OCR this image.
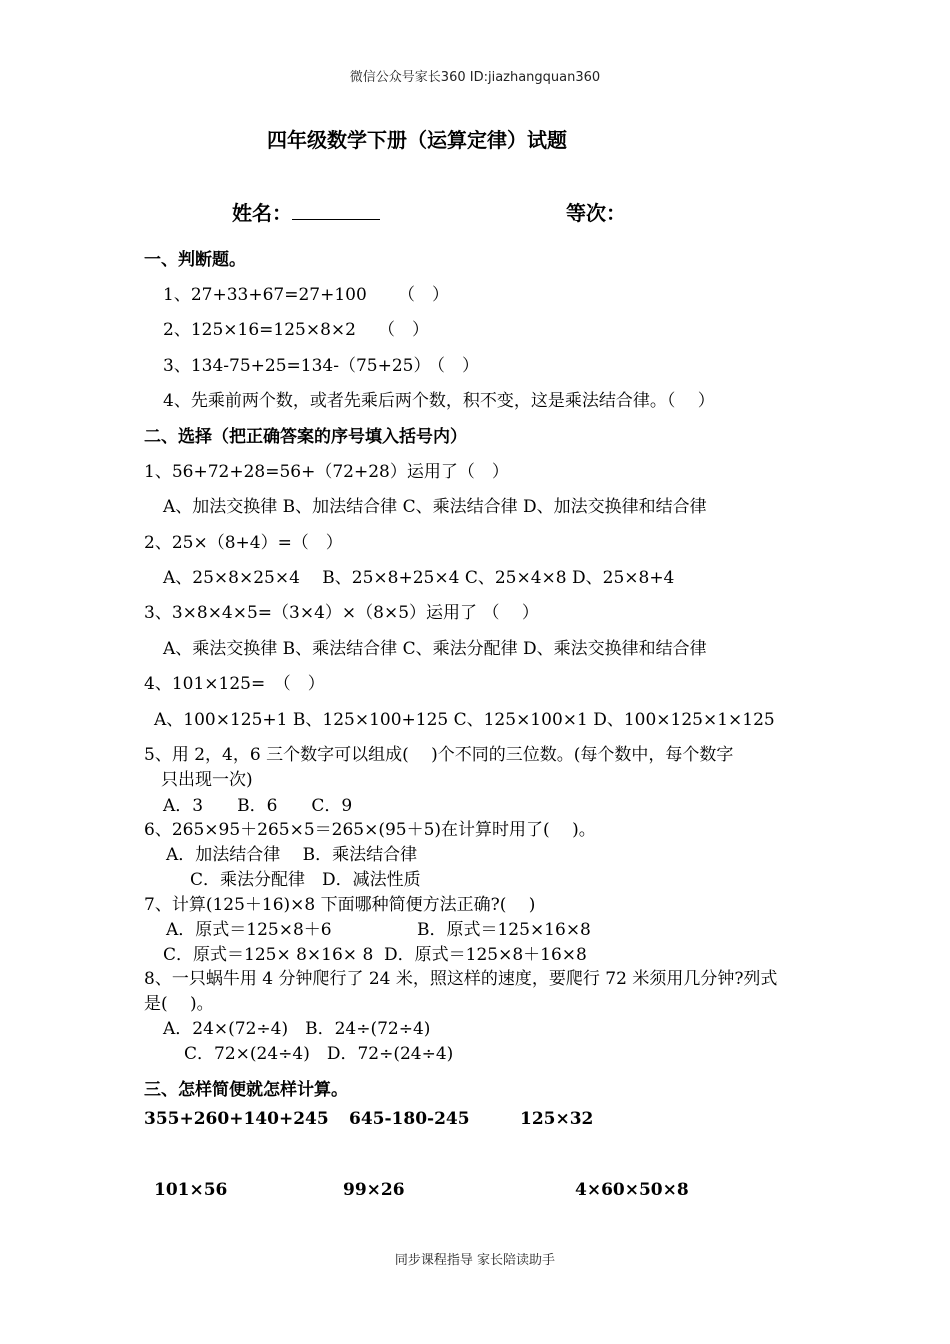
微信公众号家长360 ID:jiazhangquan360
四年级数学下册（运算定律）试题
姓名：	等次：
一、判断题。
1、27+33+67=27+100 （　）
2、125×16=125×8×2 （　）
3、134-75+25=134-（75+25）
（　）
4、先乘前两个数，或者先乘后两个数，积不变，这是乘法结合律。（　 ）
二、选择（把正确答案的序号填入括号内）
1、56+72+28=56+（72+28）运用了（　）
A、加法交换律 B、加法结合律 C、乘法结合律 D、加法交换律和结合律
2、25×（8+4）=（　）
A、25×8×25×4　 B、25×8+25×4 C、25×4×8 D、25×8+4
3、3×8×4×5=（3×4）×（8×5）运用了 （　 ）
A、乘法交换律 B、乘法结合律 C、乘法分配律 D、乘法交换律和结合律
4、101×125=　（　）
A、100×125+1 B、125×100+125 C、125×100×1 D、100×125×1×125
5、用 2，4，6 三个数字可以组成(　 )个不同的三位数。(每个数中，每个数字
只出现一次)
A．3　　B．6　　C．9
6、265×95＋265×5＝265×(95＋5)在计算时用了(　 )。
A．加法结合律　 B．乘法结合律
C．乘法分配律　D．减法性质
7、计算(125＋16)×8 下面哪种简便方法正确?(　 )
A．原式＝125×8＋6	B．原式＝125×16×8
C．原式＝125× 8×16× 8 D．原式＝125×8＋16×8
8、一只蜗牛用 4 分钟爬行了 24 米，照这样的速度，要爬行 72 米须用几分钟?列式
是(　 )。
A．24×(72÷4)　B．24÷(72÷4)
C．72×(24÷4)　D．72÷(24÷4)
三、怎样简便就怎样计算。
355+260+140+245 645-180-245	125×32
101×56	99×26	4×60×50×8
同步课程指导 家长陪读助手
